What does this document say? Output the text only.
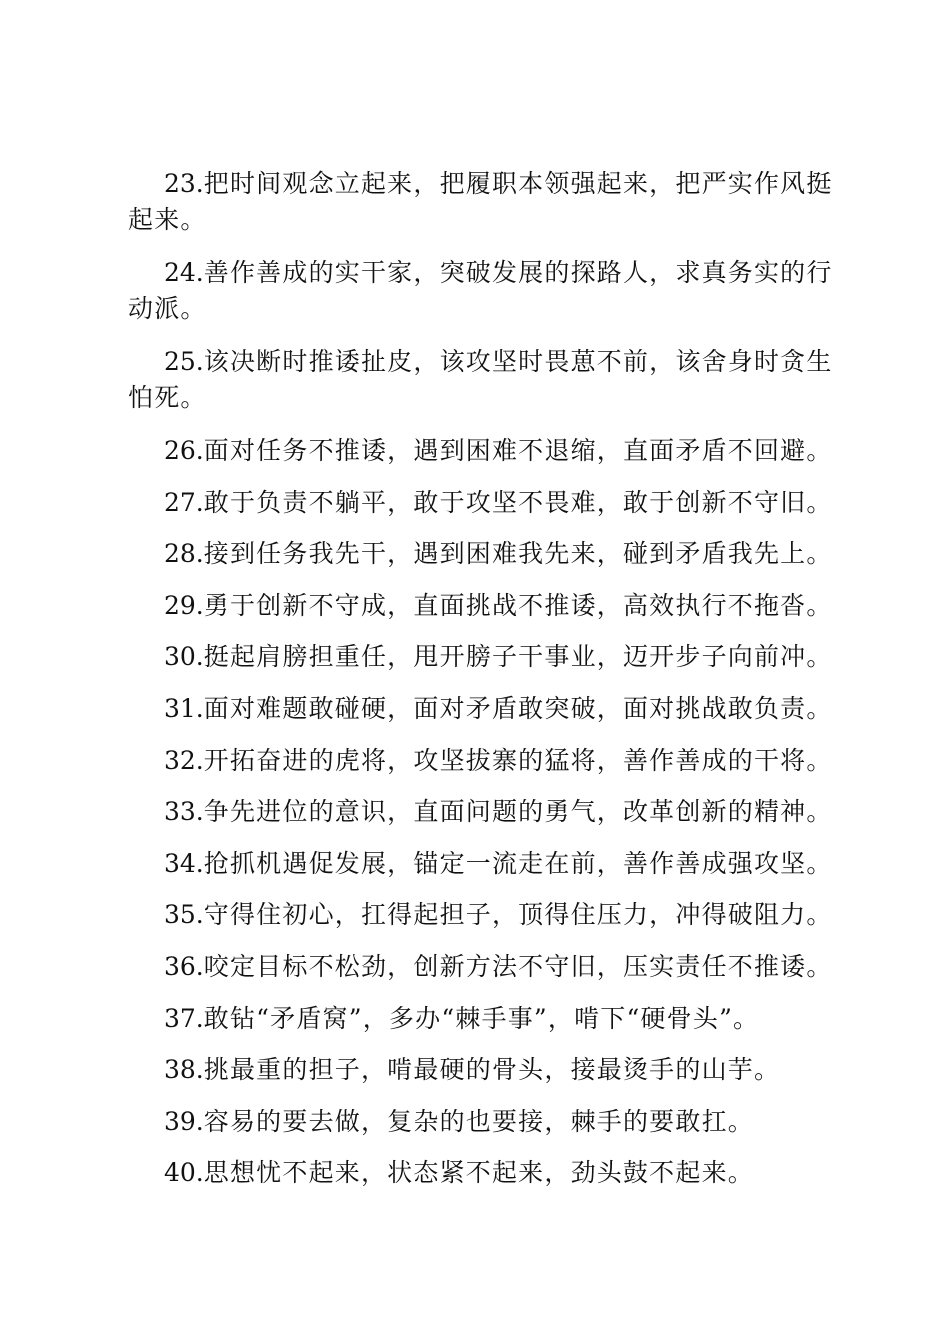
23.把时间观念立起来，把履职本领强起来，把严实作风挺起来。

24.善作善成的实干家，突破发展的探路人，求真务实的行动派。

25.该决断时推诿扯皮，该攻坚时畏葸不前，该舍身时贪生怕死。

26.面对任务不推诿，遇到困难不退缩，直面矛盾不回避。

27.敢于负责不躺平，敢于攻坚不畏难，敢于创新不守旧。

28.接到任务我先干，遇到困难我先来，碰到矛盾我先上。

29.勇于创新不守成，直面挑战不推诿，高效执行不拖沓。

30.挺起肩膀担重任，甩开膀子干事业，迈开步子向前冲。

31.面对难题敢碰硬，面对矛盾敢突破，面对挑战敢负责。

32.开拓奋进的虎将，攻坚拔寨的猛将，善作善成的干将。

33.争先进位的意识，直面问题的勇气，改革创新的精神。

34.抢抓机遇促发展，锚定一流走在前，善作善成强攻坚。

35.守得住初心，扛得起担子，顶得住压力，冲得破阻力。

36.咬定目标不松劲，创新方法不守旧，压实责任不推诿。

37.敢钻“矛盾窝”，多办“棘手事”，啃下“硬骨头”。

38.挑最重的担子，啃最硬的骨头，接最烫手的山芋。

39.容易的要去做，复杂的也要接，棘手的要敢扛。

40.思想忧不起来，状态紧不起来，劲头鼓不起来。
